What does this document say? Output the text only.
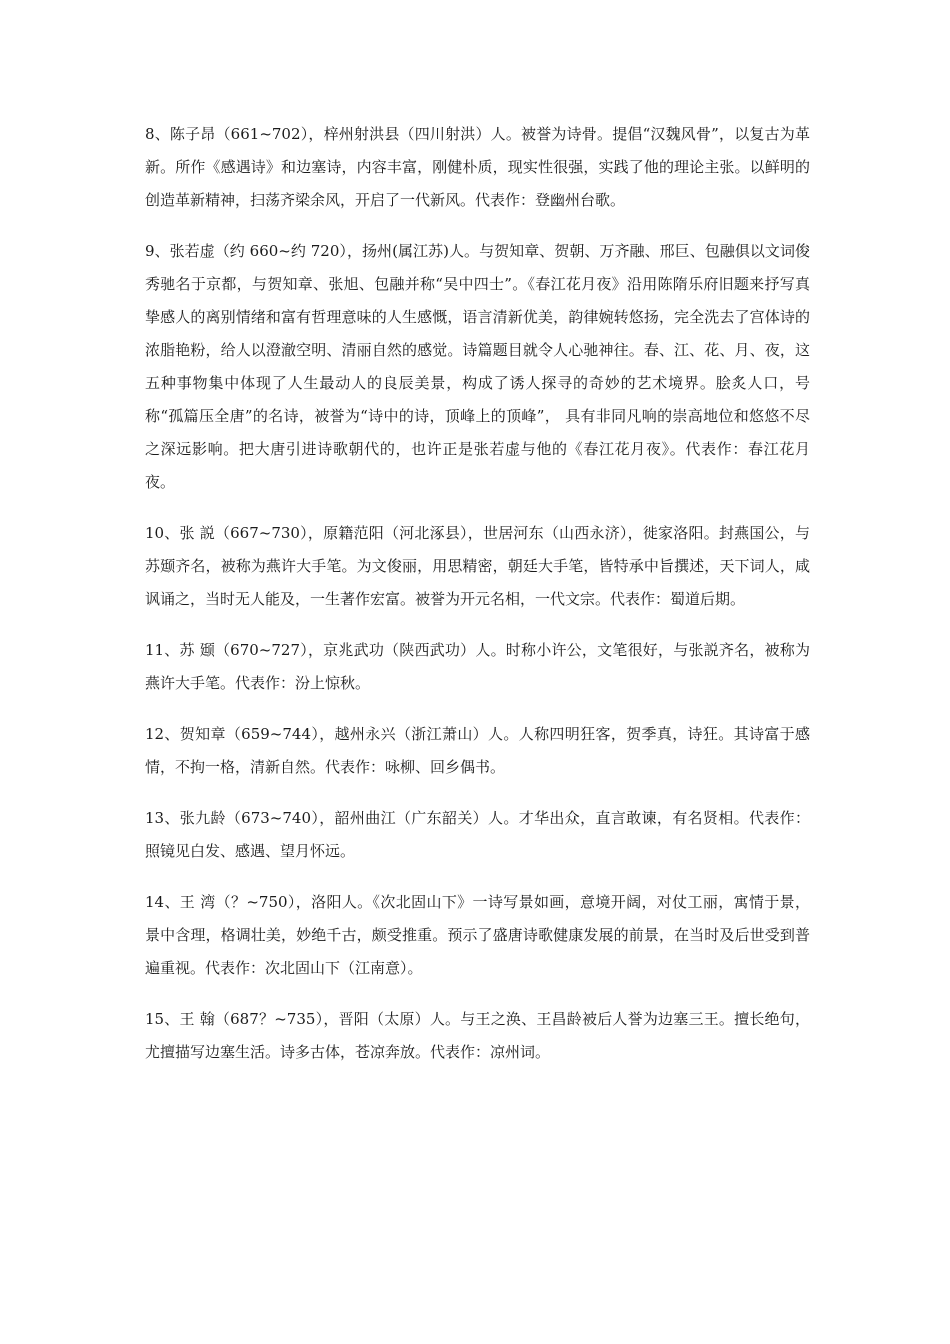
8、陈子昂（661~702），梓州射洪县（四川射洪）人。被誉为诗骨。提倡“汉魏风骨”，以复古为革新。所作《感遇诗》和边塞诗，内容丰富，刚健朴质，现实性很强，实践了他的理论主张。以鲜明的创造革新精神，扫荡齐梁余风，开启了一代新风。代表作：登幽州台歌。

9、张若虚（约 660~约 720），扬州(属江苏)人。与贺知章、贺朝、万齐融、邢巨、包融俱以文词俊秀驰名于京都，与贺知章、张旭、包融并称“吴中四士”。《春江花月夜》沿用陈隋乐府旧题来抒写真挚感人的离别情绪和富有哲理意味的人生感慨，语言清新优美，韵律婉转悠扬，完全洗去了宫体诗的浓脂艳粉，给人以澄澈空明、清丽自然的感觉。诗篇题目就令人心驰神往。春、江、花、月、夜，这五种事物集中体现了人生最动人的良辰美景，构成了诱人探寻的奇妙的艺术境界。脍炙人口，号称“孤篇压全唐”的名诗，被誉为“诗中的诗，顶峰上的顶峰”， 具有非同凡响的崇高地位和悠悠不尽之深远影响。把大唐引进诗歌朝代的，也许正是张若虚与他的《春江花月夜》。代表作：春江花月夜。

10、张 説（667~730），原籍范阳（河北涿县），世居河东（山西永济），徙家洛阳。封燕国公，与苏颋齐名，被称为燕许大手笔。为文俊丽，用思精密，朝廷大手笔，皆特承中旨撰述，天下词人，咸讽诵之，当时无人能及，一生著作宏富。被誉为开元名相，一代文宗。代表作：蜀道后期。

11、苏 颋（670~727），京兆武功（陕西武功）人。时称小许公，文笔很好，与张説齐名，被称为燕许大手笔。代表作：汾上惊秋。

12、贺知章（659~744），越州永兴（浙江萧山）人。人称四明狂客，贺季真，诗狂。其诗富于感情，不拘一格，清新自然。代表作：咏柳、回乡偶书。

13、张九龄（673~740），韶州曲江（广东韶关）人。才华出众，直言敢谏，有名贤相。代表作：照镜见白发、感遇、望月怀远。

14、王 湾（？~750），洛阳人。《次北固山下》一诗写景如画，意境开阔，对仗工丽，寓情于景，景中含理，格调壮美，妙绝千古，颇受推重。预示了盛唐诗歌健康发展的前景，在当时及后世受到普遍重视。代表作：次北固山下（江南意）。

15、王 翰（687？~735），晋阳（太原）人。与王之涣、王昌龄被后人誉为边塞三王。擅长绝句，尤擅描写边塞生活。诗多古体，苍凉奔放。代表作：凉州词。
